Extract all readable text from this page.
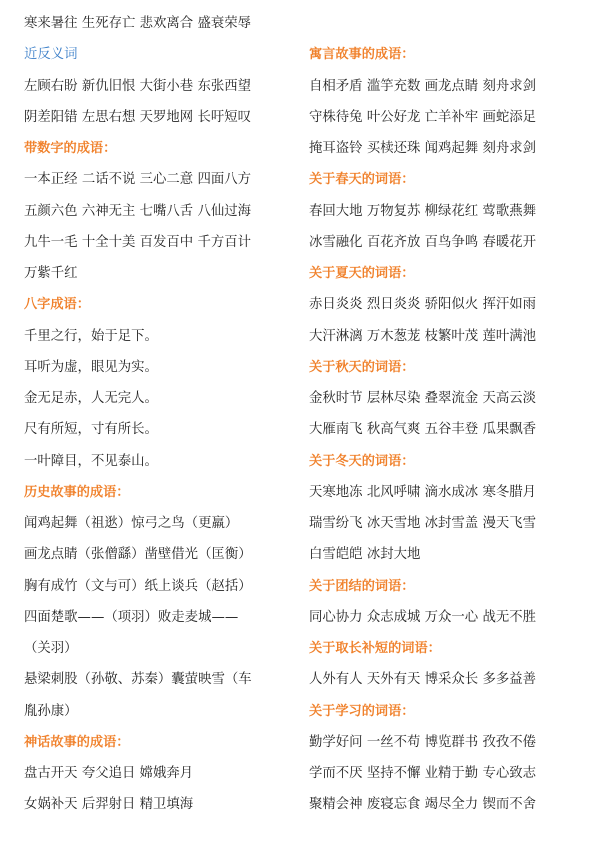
寒来暑往 生死存亡 悲欢离合 盛衰荣辱
近反义词
左顾右盼 新仇旧恨 大街小巷 东张西望
阴差阳错 左思右想 天罗地网 长吁短叹
带数字的成语：
一本正经 二话不说 三心二意 四面八方
五颜六色 六神无主 七嘴八舌 八仙过海
九牛一毛 十全十美 百发百中 千方百计
万紫千红
八字成语：
千里之行，始于足下。
耳听为虚，眼见为实。
金无足赤，人无完人。
尺有所短，寸有所长。
一叶障目，不见泰山。
历史故事的成语：
闻鸡起舞（祖逖）惊弓之鸟（更羸）
画龙点睛（张僧繇）凿壁借光（匡衡）
胸有成竹（文与可）纸上谈兵（赵括）
四面楚歌——（项羽）败走麦城——
（关羽）
悬梁刺股（孙敬、苏秦）囊萤映雪（车
胤孙康）
神话故事的成语：
盘古开天 夸父追日 嫦娥奔月
女娲补天 后羿射日 精卫填海
寓言故事的成语：
自相矛盾 滥竽充数 画龙点睛 刻舟求剑
守株待兔 叶公好龙 亡羊补牢 画蛇添足
掩耳盗铃 买椟还珠 闻鸡起舞 刻舟求剑
关于春天的词语：
春回大地 万物复苏 柳绿花红 莺歌燕舞
冰雪融化 百花齐放 百鸟争鸣 春暖花开
关于夏天的词语：
赤日炎炎 烈日炎炎 骄阳似火 挥汗如雨
大汗淋漓 万木葱茏 枝繁叶茂 莲叶满池
关于秋天的词语：
金秋时节 层林尽染 叠翠流金 天高云淡
大雁南飞 秋高气爽 五谷丰登 瓜果飘香
关于冬天的词语：
天寒地冻 北风呼啸 滴水成冰 寒冬腊月
瑞雪纷飞 冰天雪地 冰封雪盖 漫天飞雪
白雪皑皑 冰封大地
关于团结的词语：
同心协力 众志成城 万众一心 战无不胜
关于取长补短的词语：
人外有人 天外有天 博采众长 多多益善
关于学习的词语：
勤学好问 一丝不苟 博览群书 孜孜不倦
学而不厌 坚持不懈 业精于勤 专心致志
聚精会神 废寝忘食 竭尽全力 锲而不舍
